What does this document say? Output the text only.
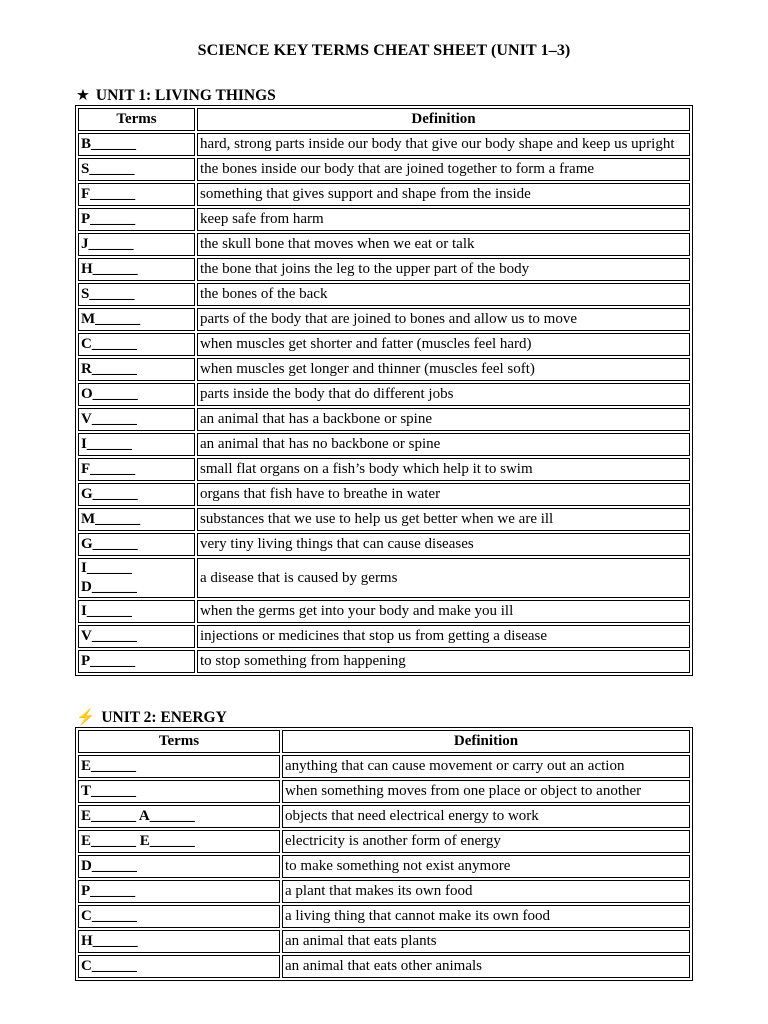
SCIENCE KEY TERMS CHEAT SHEET (UNIT 1–3)
★ UNIT 1: LIVING THINGS
Terms	Definition
B______	hard, strong parts inside our body that give our body shape and keep us upright
S______	the bones inside our body that are joined together to form a frame
F______	something that gives support and shape from the inside
P______	keep safe from harm
J______	the skull bone that moves when we eat or talk
H______	the bone that joins the leg to the upper part of the body
S______	the bones of the back
M______	parts of the body that are joined to bones and allow us to move
C______	when muscles get shorter and fatter (muscles feel hard)
R______	when muscles get longer and thinner (muscles feel soft)
O______	parts inside the body that do different jobs
V______	an animal that has a backbone or spine
I______	an animal that has no backbone or spine
F______	small flat organs on a fish’s body which help it to swim
G______	organs that fish have to breathe in water
M______	substances that we use to help us get better when we are ill
G______	very tiny living things that can cause diseases

I______
D______	a disease that is caused by germs
I______	when the germs get into your body and make you ill
V______	injections or medicines that stop us from getting a disease
P______	to stop something from happening
⚡ UNIT 2: ENERGY
Terms	Definition
E______	anything that can cause movement or carry out an action
T______	when something moves from one place or object to another
E______ A______	objects that need electrical energy to work
E______ E______	electricity is another form of energy
D______	to make something not exist anymore
P______	a plant that makes its own food
C______	a living thing that cannot make its own food
H______	an animal that eats plants
C______	an animal that eats other animals
